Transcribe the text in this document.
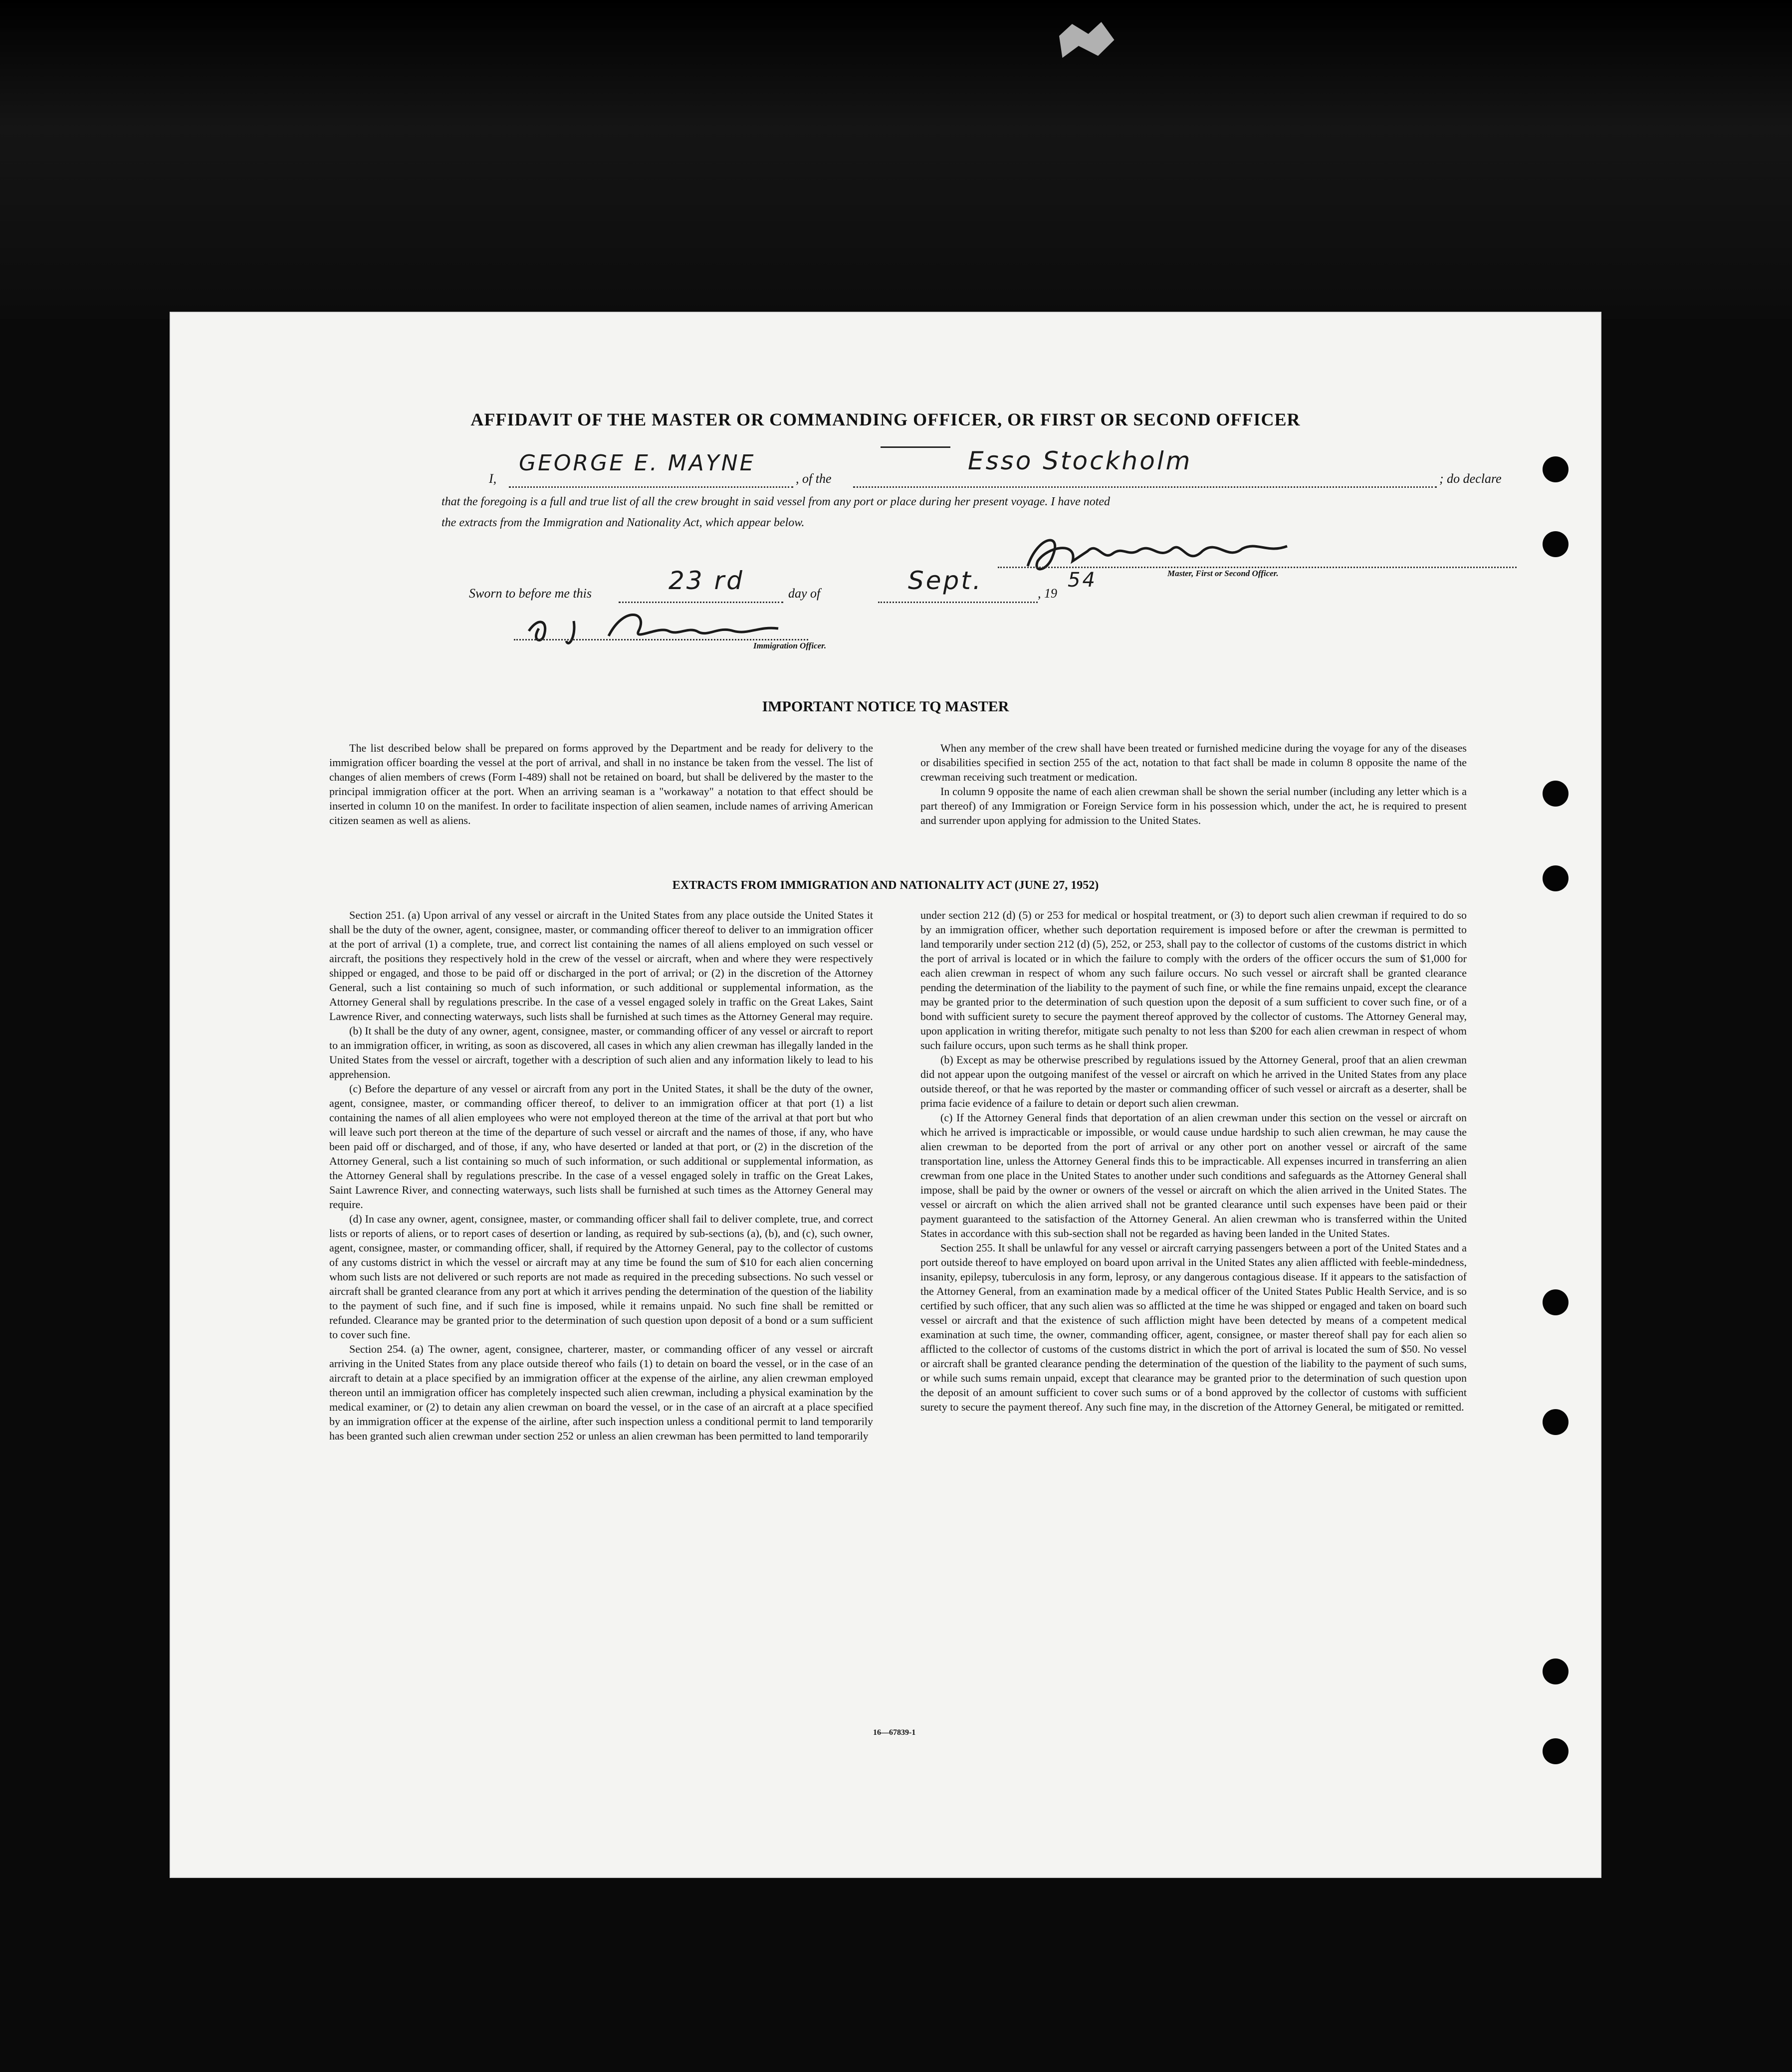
AFFIDAVIT OF THE MASTER OR COMMANDING OFFICER, OR FIRST OR SECOND OFFICER
I,
GEORGE E. MAYNE
, of the
Esso Stockholm
; do declare
that the foregoing is a full and true list of all the crew brought in said vessel from any port or place during her present voyage. I have noted
the extracts from the Immigration and Nationality Act, which appear below.
Master, First or Second Officer.
Sworn to before me this	23 rd	day of	Sept.	, 19
54
Immigration Officer.
IMPORTANT NOTICE TQ MASTER

The list described below shall be prepared on forms approved by the Department and be ready for delivery to the immigration officer boarding the vessel at the port of arrival, and shall in no instance be taken from the vessel. The list of changes of alien members of crews (Form I-489) shall not be retained on board, but shall be delivered by the master to the principal immigration officer at the port. When an arriving seaman is a "workaway" a notation to that effect should be inserted in column 10 on the manifest. In order to facilitate inspection of alien seamen, include names of arriving American citizen seamen as well as aliens.

When any member of the crew shall have been treated or furnished medicine during the voyage for any of the diseases or disabilities specified in section 255 of the act, notation to that fact shall be made in column 8 opposite the name of the crewman receiving such treatment or medication.

In column 9 opposite the name of each alien crewman shall be shown the serial number (including any letter which is a part thereof) of any Immigration or Foreign Service form in his possession which, under the act, he is required to present and surrender upon applying for admission to the United States.

EXTRACTS FROM IMMIGRATION AND NATIONALITY ACT (JUNE 27, 1952)

Section 251. (a) Upon arrival of any vessel or aircraft in the United States from any place outside the United States it shall be the duty of the owner, agent, consignee, master, or commanding officer thereof to deliver to an immigration officer at the port of arrival (1) a complete, true, and correct list containing the names of all aliens employed on such vessel or aircraft, the positions they respectively hold in the crew of the vessel or aircraft, when and where they were respectively shipped or engaged, and those to be paid off or discharged in the port of arrival; or (2) in the discretion of the Attorney General, such a list containing so much of such information, or such additional or supplemental information, as the Attorney General shall by regulations prescribe. In the case of a vessel engaged solely in traffic on the Great Lakes, Saint Lawrence River, and connecting waterways, such lists shall be furnished at such times as the Attorney General may require.

(b) It shall be the duty of any owner, agent, consignee, master, or commanding officer of any vessel or aircraft to report to an immigration officer, in writing, as soon as discovered, all cases in which any alien crewman has illegally landed in the United States from the vessel or aircraft, together with a description of such alien and any information likely to lead to his apprehension.

(c) Before the departure of any vessel or aircraft from any port in the United States, it shall be the duty of the owner, agent, consignee, master, or commanding officer thereof, to deliver to an immigration officer at that port (1) a list containing the names of all alien employees who were not employed thereon at the time of the arrival at that port but who will leave such port thereon at the time of the departure of such vessel or aircraft and the names of those, if any, who have been paid off or discharged, and of those, if any, who have deserted or landed at that port, or (2) in the discretion of the Attorney General, such a list containing so much of such information, or such additional or supplemental information, as the Attorney General shall by regulations prescribe. In the case of a vessel engaged solely in traffic on the Great Lakes, Saint Lawrence River, and connecting waterways, such lists shall be furnished at such times as the Attorney General may require.

(d) In case any owner, agent, consignee, master, or commanding officer shall fail to deliver complete, true, and correct lists or reports of aliens, or to report cases of desertion or landing, as required by sub-sections (a), (b), and (c), such owner, agent, consignee, master, or commanding officer, shall, if required by the Attorney General, pay to the collector of customs of any customs district in which the vessel or aircraft may at any time be found the sum of $10 for each alien concerning whom such lists are not delivered or such reports are not made as required in the preceding subsections. No such vessel or aircraft shall be granted clearance from any port at which it arrives pending the determination of the question of the liability to the payment of such fine, and if such fine is imposed, while it remains unpaid. No such fine shall be remitted or refunded. Clearance may be granted prior to the determination of such question upon deposit of a bond or a sum sufficient to cover such fine.

Section 254. (a) The owner, agent, consignee, charterer, master, or commanding officer of any vessel or aircraft arriving in the United States from any place outside thereof who fails (1) to detain on board the vessel, or in the case of an aircraft to detain at a place specified by an immigration officer at the expense of the airline, any alien crewman employed thereon until an immigration officer has completely inspected such alien crewman, including a physical examination by the medical examiner, or (2) to detain any alien crewman on board the vessel, or in the case of an aircraft at a place specified by an immigration officer at the expense of the airline, after such inspection unless a conditional permit to land temporarily has been granted such alien crewman under section 252 or unless an alien crewman has been permitted to land temporarily

under section 212 (d) (5) or 253 for medical or hospital treatment, or (3) to deport such alien crewman if required to do so by an immigration officer, whether such deportation requirement is imposed before or after the crewman is permitted to land temporarily under section 212 (d) (5), 252, or 253, shall pay to the collector of customs of the customs district in which the port of arrival is located or in which the failure to comply with the orders of the officer occurs the sum of $1,000 for each alien crewman in respect of whom any such failure occurs. No such vessel or aircraft shall be granted clearance pending the determination of the liability to the payment of such fine, or while the fine remains unpaid, except the clearance may be granted prior to the determination of such question upon the deposit of a sum sufficient to cover such fine, or of a bond with sufficient surety to secure the payment thereof approved by the collector of customs. The Attorney General may, upon application in writing therefor, mitigate such penalty to not less than $200 for each alien crewman in respect of whom such failure occurs, upon such terms as he shall think proper.

(b) Except as may be otherwise prescribed by regulations issued by the Attorney General, proof that an alien crewman did not appear upon the outgoing manifest of the vessel or aircraft on which he arrived in the United States from any place outside thereof, or that he was reported by the master or commanding officer of such vessel or aircraft as a deserter, shall be prima facie evidence of a failure to detain or deport such alien crewman.

(c) If the Attorney General finds that deportation of an alien crewman under this section on the vessel or aircraft on which he arrived is impracticable or impossible, or would cause undue hardship to such alien crewman, he may cause the alien crewman to be deported from the port of arrival or any other port on another vessel or aircraft of the same transportation line, unless the Attorney General finds this to be impracticable. All expenses incurred in transferring an alien crewman from one place in the United States to another under such conditions and safeguards as the Attorney General shall impose, shall be paid by the owner or owners of the vessel or aircraft on which the alien arrived in the United States. The vessel or aircraft on which the alien arrived shall not be granted clearance until such expenses have been paid or their payment guaranteed to the satisfaction of the Attorney General. An alien crewman who is transferred within the United States in accordance with this sub-section shall not be regarded as having been landed in the United States.

Section 255. It shall be unlawful for any vessel or aircraft carrying passengers between a port of the United States and a port outside thereof to have employed on board upon arrival in the United States any alien afflicted with feeble-mindedness, insanity, epilepsy, tuberculosis in any form, leprosy, or any dangerous contagious disease. If it appears to the satisfaction of the Attorney General, from an examination made by a medical officer of the United States Public Health Service, and is so certified by such officer, that any such alien was so afflicted at the time he was shipped or engaged and taken on board such vessel or aircraft and that the existence of such affliction might have been detected by means of a competent medical examination at such time, the owner, commanding officer, agent, consignee, or master thereof shall pay for each alien so afflicted to the collector of customs of the customs district in which the port of arrival is located the sum of $50. No vessel or aircraft shall be granted clearance pending the determination of the question of the liability to the payment of such sums, or while such sums remain unpaid, except that clearance may be granted prior to the determination of such question upon the deposit of an amount sufficient to cover such sums or of a bond approved by the collector of customs with sufficient surety to secure the payment thereof. Any such fine may, in the discretion of the Attorney General, be mitigated or remitted.

16—67839-1
